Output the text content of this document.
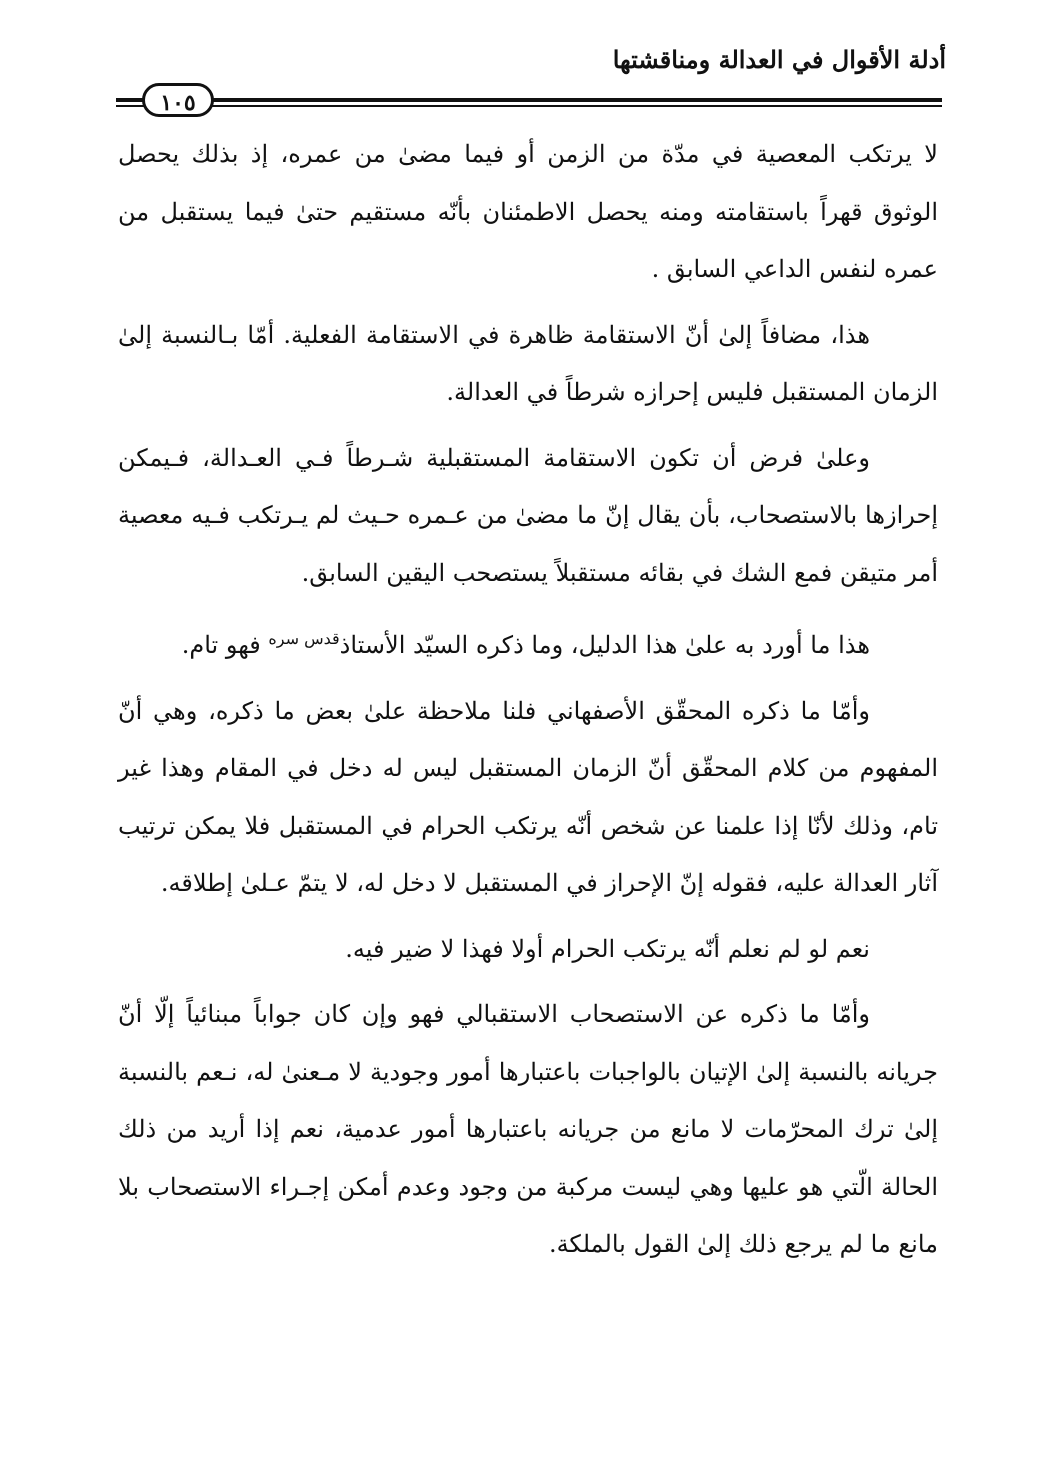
أدلة الأقوال في العدالة ومناقشتها
١٠٥

لا يرتكب المعصية في مدّة من الزمن أو فيما مضىٰ من عمره، إذ بذلك يحصل الوثوق قهراً باستقامته ومنه يحصل الاطمئنان بأنّه مستقيم حتىٰ فيما يستقبل من عمره لنفس الداعي السابق .

هذا، مضافاً إلىٰ أنّ الاستقامة ظاهرة في الاستقامة الفعلية. أمّا بـالنسبة إلىٰ الزمان المستقبل فليس إحرازه شرطاً في العدالة.

وعلىٰ فرض أن تكون الاستقامة المستقبلية شـرطاً فـي العـدالة، فـيمكن إحرازها بالاستصحاب، بأن يقال إنّ ما مضىٰ من عـمره حـيث لم يـرتكب فـيه معصية أمر متيقن فمع الشك في بقائه مستقبلاً يستصحب اليقين السابق.

هذا ما أورد به علىٰ هذا الدليل، وما ذكره السيّد الأستاذ$^{قدس سره}$ فهو تام.

وأمّا ما ذكره المحقّق الأصفهاني فلنا ملاحظة علىٰ بعض ما ذكره، وهي أنّ المفهوم من كلام المحقّق أنّ الزمان المستقبل ليس له دخل في المقام وهذا غير تام، وذلك لأنّا إذا علمنا عن شخص أنّه يرتكب الحرام في المستقبل فلا يمكن ترتيب آثار العدالة عليه، فقوله إنّ الإحراز في المستقبل لا دخل له، لا يتمّ عـلىٰ إطلاقه.

نعم لو لم نعلم أنّه يرتكب الحرام أولا فهذا لا ضير فيه.

وأمّا ما ذكره عن الاستصحاب الاستقبالي فهو وإن كان جواباً مبنائياً إلّا أنّ جريانه بالنسبة إلىٰ الإتيان بالواجبات باعتبارها أمور وجودية لا مـعنىٰ له، نـعم بالنسبة إلىٰ ترك المحرّمات لا مانع من جريانه باعتبارها أمور عدمية، نعم إذا أريد من ذلك الحالة الّتي هو عليها وهي ليست مركبة من وجود وعدم أمكن إجـراء الاستصحاب بلا مانع ما لم يرجع ذلك إلىٰ القول بالملكة.
